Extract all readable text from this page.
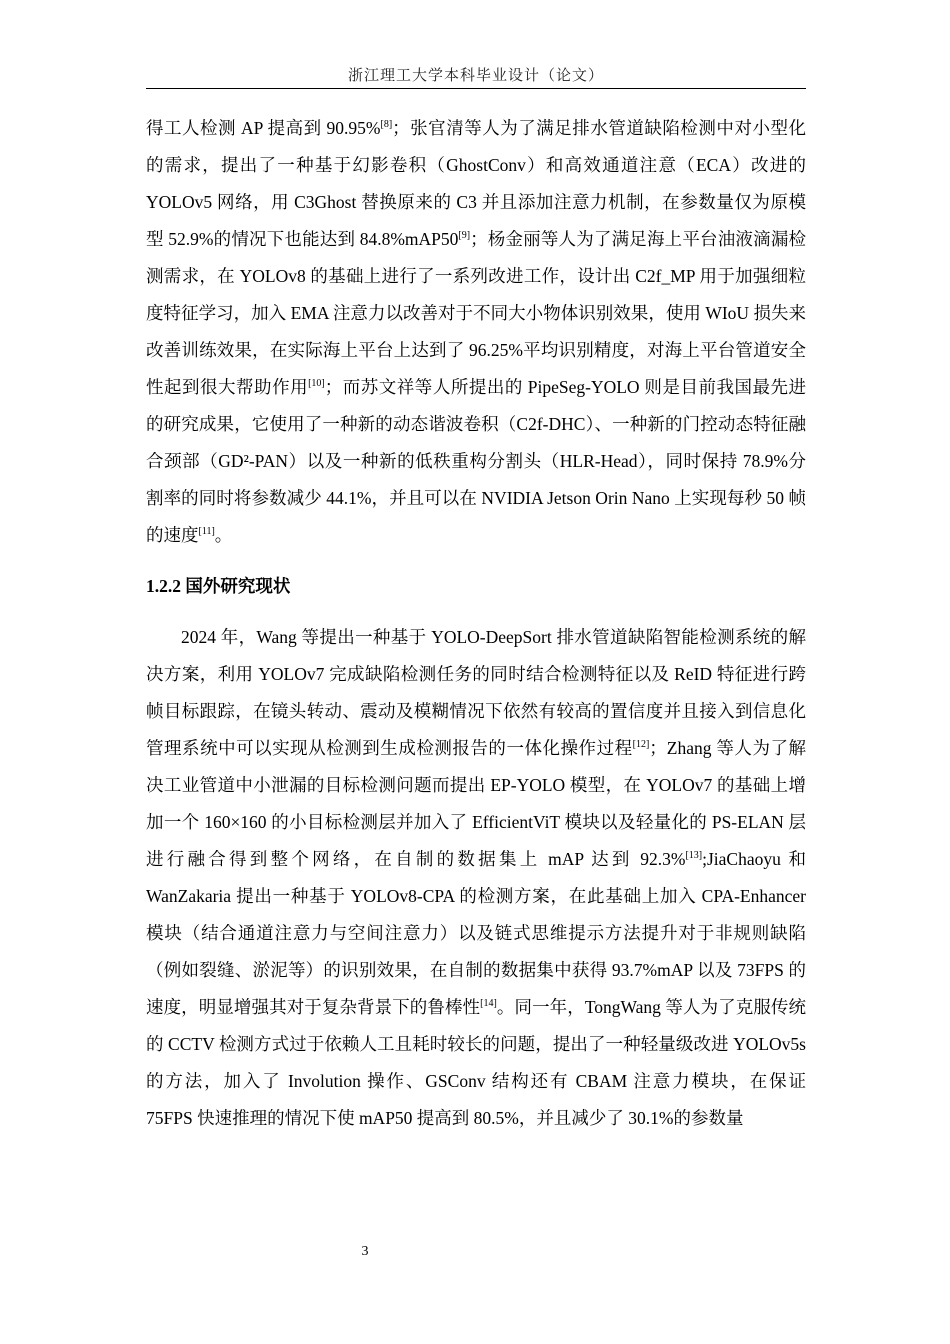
浙江理工大学本科毕业设计（论文）

得工人检测 AP 提高到 90.95%[8]；张官清等人为了满足排水管道缺陷检测中对小型化的需求，提出了一种基于幻影卷积（GhostConv）和高效通道注意（ECA）改进的 YOLOv5 网络，用 C3Ghost 替换原来的 C3 并且添加注意力机制，在参数量仅为原模型 52.9%的情况下也能达到 84.8%mAP50[9]；杨金丽等人为了满足海上平台油液滴漏检测需求，在 YOLOv8 的基础上进行了一系列改进工作，设计出 C2f_MP 用于加强细粒度特征学习，加入 EMA 注意力以改善对于不同大小物体识别效果，使用 WIoU 损失来改善训练效果，在实际海上平台上达到了 96.25%平均识别精度，对海上平台管道安全性起到很大帮助作用[10]；而苏文祥等人所提出的 PipeSeg-YOLO 则是目前我国最先进的研究成果，它使用了一种新的动态谐波卷积（C2f-DHC）、一种新的门控动态特征融合颈部（GD²-PAN）以及一种新的低秩重构分割头（HLR-Head），同时保持 78.9%分割率的同时将参数减少 44.1%，并且可以在 NVIDIA Jetson Orin Nano 上实现每秒 50 帧的速度[11]。

1.2.2 国外研究现状

2024 年，Wang 等提出一种基于 YOLO-DeepSort 排水管道缺陷智能检测系统的解决方案，利用 YOLOv7 完成缺陷检测任务的同时结合检测特征以及 ReID 特征进行跨帧目标跟踪，在镜头转动、震动及模糊情况下依然有较高的置信度并且接入到信息化管理系统中可以实现从检测到生成检测报告的一体化操作过程[12]；Zhang 等人为了解决工业管道中小泄漏的目标检测问题而提出 EP-YOLO 模型，在 YOLOv7 的基础上增加一个 160×160 的小目标检测层并加入了 EfficientViT 模块以及轻量化的 PS-ELAN 层进行融合得到整个网络，在自制的数据集上 mAP 达到 92.3%[13];JiaChaoyu 和 WanZakaria 提出一种基于 YOLOv8-CPA 的检测方案，在此基础上加入 CPA-Enhancer 模块（结合通道注意力与空间注意力）以及链式思维提示方法提升对于非规则缺陷（例如裂缝、淤泥等）的识别效果，在自制的数据集中获得 93.7%mAP 以及 73FPS 的速度，明显增强其对于复杂背景下的鲁棒性[14]。同一年，TongWang 等人为了克服传统的 CCTV 检测方式过于依赖人工且耗时较长的问题，提出了一种轻量级改进 YOLOv5s 的方法，加入了 Involution 操作、GSConv 结构还有 CBAM 注意力模块，在保证 75FPS 快速推理的情况下使 mAP50 提高到 80.5%，并且减少了 30.1%的参数量

3
